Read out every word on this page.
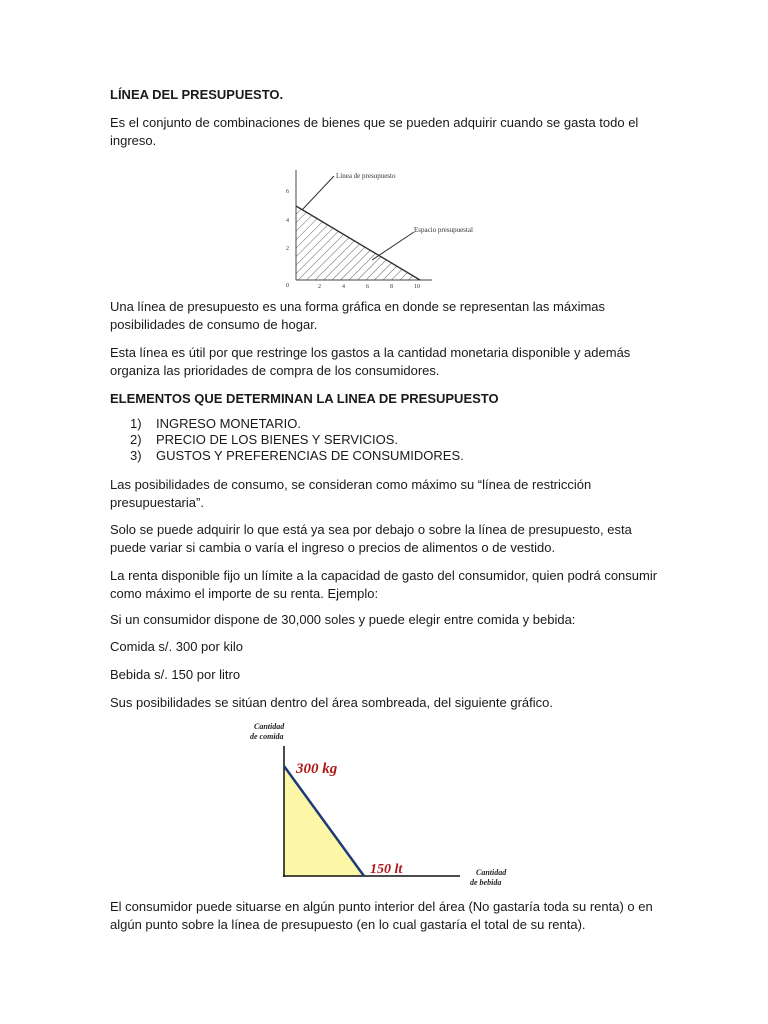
LÍNEA DEL PRESUPUESTO.

Es el conjunto de combinaciones de bienes que se pueden adquirir cuando se gasta todo el ingreso.

Línea de presupuesto
Espacio presupuestal
6
4
2
0	2	4	6	8	10

Una línea de presupuesto es una forma gráfica en donde se representan las máximas posibilidades de consumo de hogar.

Esta línea es útil por que restringe los gastos a la cantidad monetaria disponible y además organiza las prioridades de compra de los consumidores.

ELEMENTOS QUE DETERMINAN LA LINEA DE PRESUPUESTO

1)	INGRESO MONETARIO.
2)	PRECIO DE LOS BIENES Y SERVICIOS.
3)	GUSTOS Y PREFERENCIAS DE CONSUMIDORES.

Las posibilidades de consumo, se consideran como máximo su “línea de restricción presupuestaria”.

Solo se puede adquirir lo que está ya sea por debajo o sobre la línea de presupuesto, esta puede variar si cambia o varía el ingreso o precios de alimentos o de vestido.

La renta disponible fijo un límite a la capacidad de gasto del consumidor, quien podrá consumir como máximo el importe de su renta. Ejemplo:

Si un consumidor dispone de 30,000 soles y puede elegir entre comida y bebida:

Comida s/. 300 por kilo

Bebida s/. 150 por litro

Sus posibilidades se sitúan dentro del área sombreada, del siguiente gráfico.

Cantidad
de comida
Cantidad
de bebida
300 kg
150 lt

El consumidor puede situarse en algún punto interior del área (No gastaría toda su renta) o en algún punto sobre la línea de presupuesto (en lo cual gastaría el total de su renta).
